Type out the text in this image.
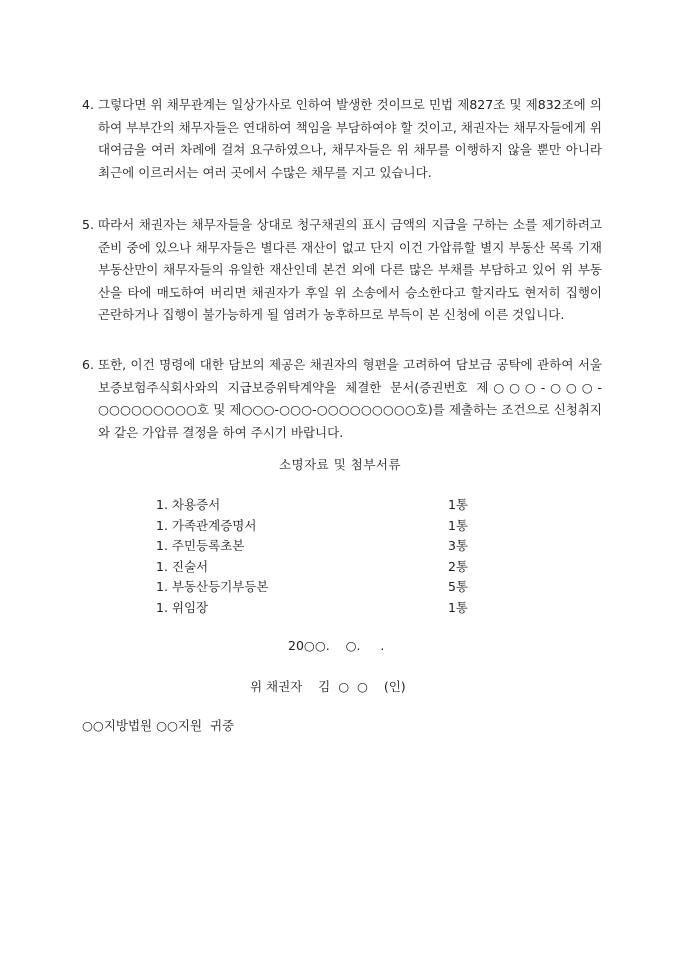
4. 그렇다면 위 채무관계는 일상가사로 인하여 발생한 것이므로 민법 제827조 및 제832조에 의하여 부부간의 채무자들은 연대하여 책임을 부담하여야 할 것이고, 채권자는 채무자들에게 위 대여금을 여러 차례에 걸쳐 요구하였으나, 채무자들은 위 채무를 이행하지 않을 뿐만 아니라 최근에 이르러서는 여러 곳에서 수많은 채무를 지고 있습니다.
5. 따라서 채권자는 채무자들을 상대로 청구채권의 표시 금액의 지급을 구하는 소를 제기하려고 준비 중에 있으나 채무자들은 별다른 재산이 없고 단지 이건 가압류할 별지 부동산 목록 기재 부동산만이 채무자들의 유일한 재산인데 본건 외에 다른 많은 부채를 부담하고 있어 위 부동산을 타에 매도하여 버리면 채권자가 후일 위 소송에서 승소한다고 할지라도 현저히 집행이 곤란하거나 집행이 불가능하게 될 염려가 농후하므로 부득이 본 신청에 이른 것입니다.
6. 또한, 이건 명령에 대한 담보의 제공은 채권자의 형편을 고려하여 담보금 공탁에 관하여 서울보증보험주식회사와의 지급보증위탁계약을 체결한 문서(증권번호 제○○○-○○○-○○○○○○○○○호 및 제○○○-○○○-○○○○○○○○○호)를 제출하는 조건으로 신청취지와 같은 가압류 결정을 하여 주시기 바랍니다.
소명자료 및 첨부서류
1. 차용증서	1통
1. 가족관계증명서	1통
1. 주민등록초본	3통
1. 진술서	2통
1. 부동산등기부등본	5통
1. 위임장	1통
20○○.    ○.     .
위 채권자    김  ○  ○    (인)
○○지방법원 ○○지원  귀중
